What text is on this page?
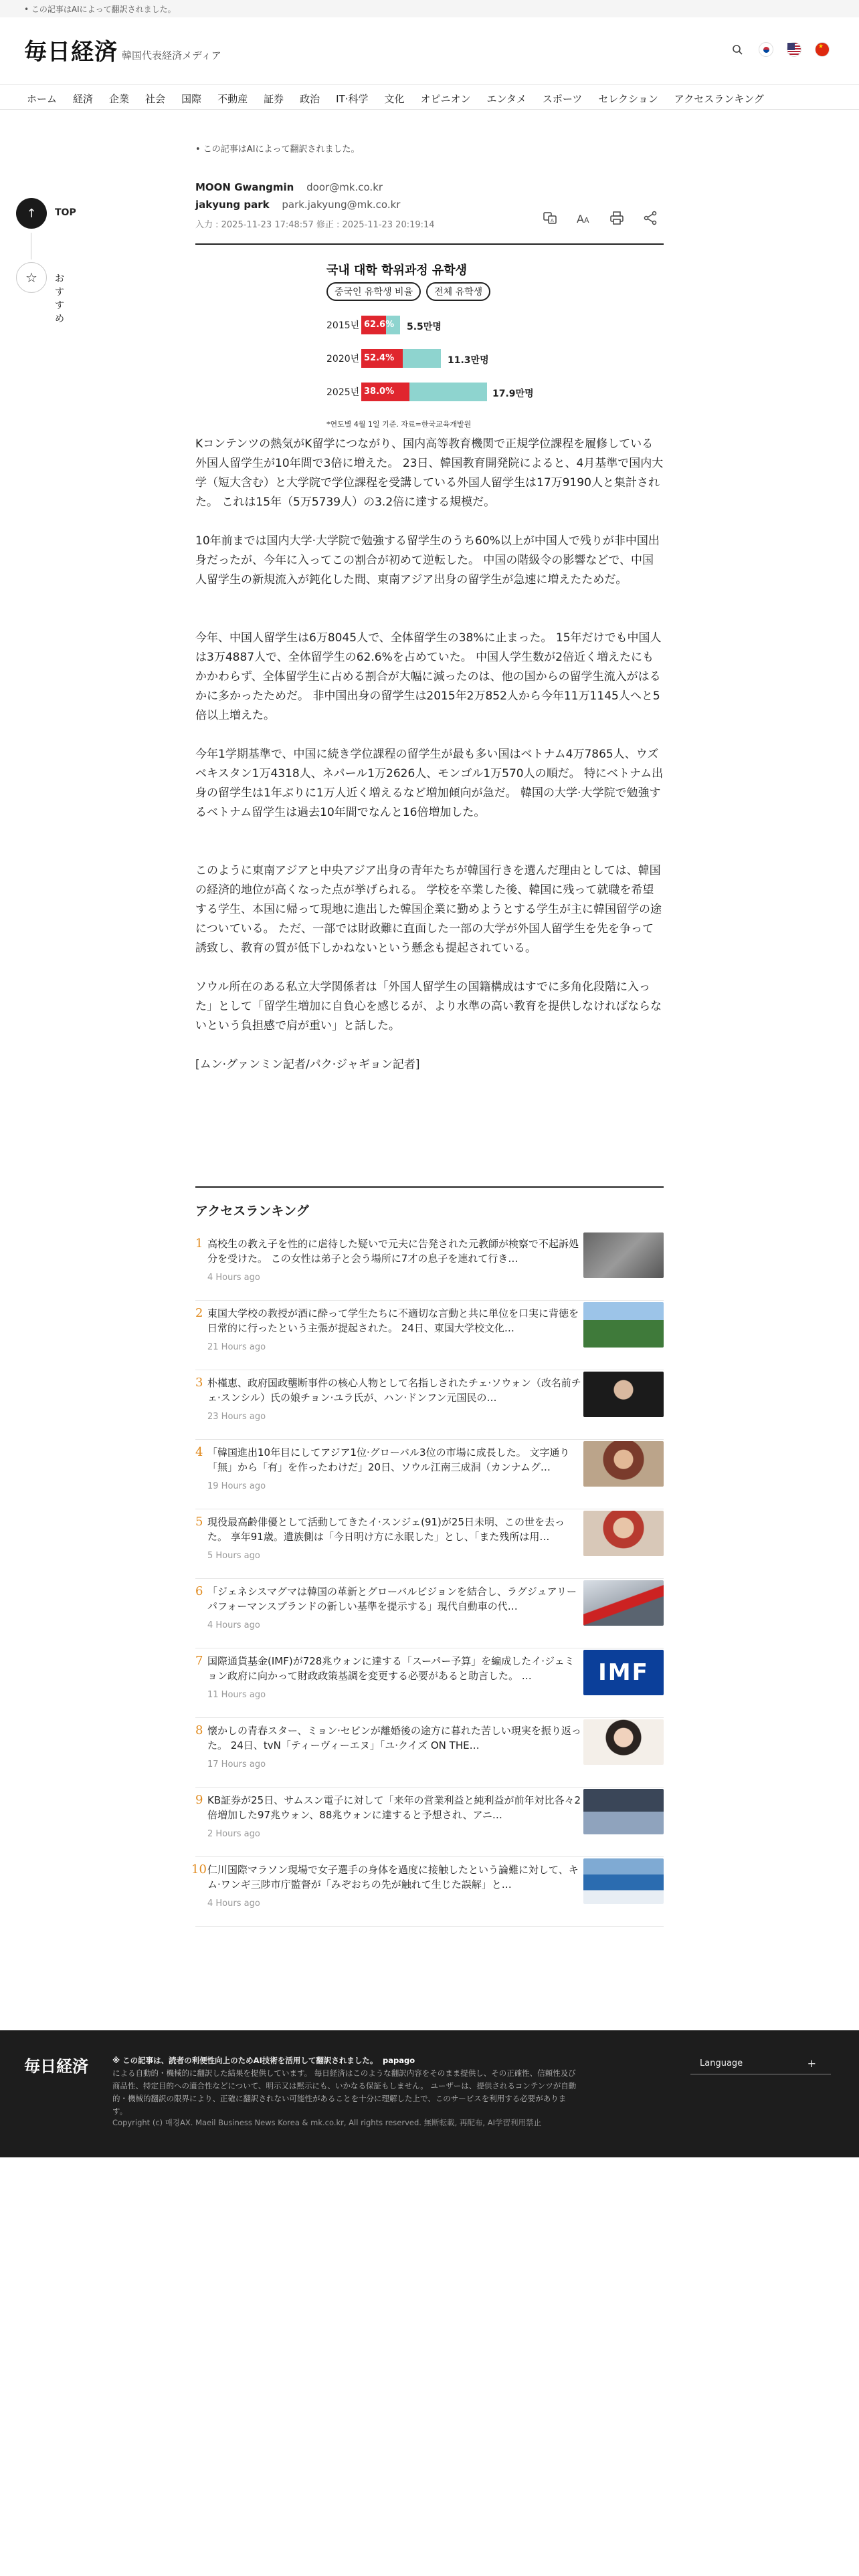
• この記事はAIによって翻訳されました。
毎日経済 韓国代表経済メディア
★
ホーム 経済 企業 社会 国際 不動産 証券 政治 IT·科学 文化 オピニオン エンタメ スポーツ セレクション アクセスランキング
↑ TOP
☆ おすすめ
• この記事はAIによって翻訳されました。
MOON Gwangmin door@mk.co.kr
jakyung park park.jakyung@mk.co.kr
入力 : 2025-11-23 17:48:57 修正 : 2025-11-23 20:19:14	A A A
국내 대학 학위과정 유학생
중국인 유학생 비율	전체 유학생
2015년 62.6% 5.5만명
2020년 52.4%	11.3만명
2025년 38.0%	17.9만명
*연도별 4월 1일 기준. 자료=한국교육개발원

Kコンテンツの熱気がK留学につながり、国内高等教育機関で正規学位課程を履修している外国人留学生が10年間で3倍に増えた。 23日、韓国教育開発院によると、4月基準で国内大学（短大含む）と大学院で学位課程を受講している外国人留学生は17万9190人と集計された。 これは15年（5万5739人）の3.2倍に達する規模だ。

10年前までは国内大学·大学院で勉強する留学生のうち60%以上が中国人で残りが非中国出身だったが、今年に入ってこの割合が初めて逆転した。 中国の階級令の影響などで、中国人留学生の新規流入が鈍化した間、東南アジア出身の留学生が急速に増えたためだ。

今年、中国人留学生は6万8045人で、全体留学生の38%に止まった。 15年だけでも中国人は3万4887人で、全体留学生の62.6%を占めていた。 中国人学生数が2倍近く増えたにもかかわらず、全体留学生に占める割合が大幅に減ったのは、他の国からの留学生流入がはるかに多かったためだ。 非中国出身の留学生は2015年2万852人から今年11万1145人へと5倍以上増えた。

今年1学期基準で、中国に続き学位課程の留学生が最も多い国はベトナム4万7865人、ウズベキスタン1万4318人、ネパール1万2626人、モンゴル1万570人の順だ。 特にベトナム出身の留学生は1年ぶりに1万人近く増えるなど増加傾向が急だ。 韓国の大学·大学院で勉強するベトナム留学生は過去10年間でなんと16倍増加した。

このように東南アジアと中央アジア出身の青年たちが韓国行きを選んだ理由としては、韓国の経済的地位が高くなった点が挙げられる。 学校を卒業した後、韓国に残って就職を希望する学生、本国に帰って現地に進出した韓国企業に勤めようとする学生が主に韓国留学の途についている。 ただ、一部では財政難に直面した一部の大学が外国人留学生を先を争って誘致し、教育の質が低下しかねないという懸念も提起されている。

ソウル所在のある私立大学関係者は「外国人留学生の国籍構成はすでに多角化段階に入った」として「留学生増加に自負心を感じるが、より水準の高い教育を提供しなければならないという負担感で肩が重い」と話した。

[ムン·グァンミン記者/パク·ジャギョン記者]

アクセスランキング
1 高校生の教え子を性的に虐待した疑いで元夫に告発された元教師が検察で不起訴処分を受けた。 この女性は弟子と会う場所に7才の息子を連れて行き…
4 Hours ago
2 東国大学校の教授が酒に酔って学生たちに不適切な言動と共に単位を口実に背徳を日常的に行ったという主張が提起された。 24日、東国大学校文化…
21 Hours ago
3 朴槿恵、政府国政壟断事件の核心人物として名指しされたチェ·ソウォン（改名前チェ·スンシル）氏の娘チョン·ユラ氏が、ハン·ドンフン元国民の…
23 Hours ago
4 「韓国進出10年目にしてアジア1位·グローバル3位の市場に成長した。 文字通り「無」から「有」を作ったわけだ」20日、ソウル江南三成洞（カンナムグ…
19 Hours ago
5 現役最高齢俳優として活動してきたイ·スンジェ(91)が25日未明、この世を去った。 享年91歳。遺族側は「今日明け方に永眠した」とし、「また残所は用…
5 Hours ago
6 「ジェネシスマグマは韓国の革新とグローバルビジョンを結合し、ラグジュアリーパフォーマンスブランドの新しい基準を提示する」現代自動車の代…
4 Hours ago
7 国際通貨基金(IMF)が728兆ウォンに達する「スーパー予算」を編成したイ·ジェミョン政府に向かって財政政策基調を変更する必要があると助言した。 …
11 Hours ago
IMF
8 懐かしの青春スター、ミョン·セビンが離婚後の途方に暮れた苦しい現実を振り返った。 24日、tvN「ティーヴィーエヌ」「ユ·クイズ ON THE…
17 Hours ago
9 KB証券が25日、サムスン電子に対して「来年の営業利益と純利益が前年対比各々2倍増加した97兆ウォン、88兆ウォンに達すると予想され、アニ…
2 Hours ago
10 仁川国際マラソン現場で女子選手の身体を過度に接触したという論難に対して、キム·ワンギ三陟市庁監督が「みぞおちの先が触れて生じた誤解」と…
4 Hours ago
毎日経済	※ この記事は、読者の利便性向上のためAI技術を活用して翻訳されました。 papago
による自動的・機械的に翻訳した結果を提供しています。 毎日経済はこのような翻訳内容をそのまま提供し、その正確性、信頼性及び商品性、特定目的への適合性などについて、明示又は黙示にも、いかなる保証もしません。 ユーザーは、提供されるコンテンツが自動的・機械的翻訳の限界により、正確に翻訳されない可能性があることを十分に理解した上で、このサービスを利用する必要があります。
Copyright (c) 매경AX. Maeil Business News Korea & mk.co.kr, All rights reserved. 無断転載, 再配布, AI学習利用禁止
Language	+
